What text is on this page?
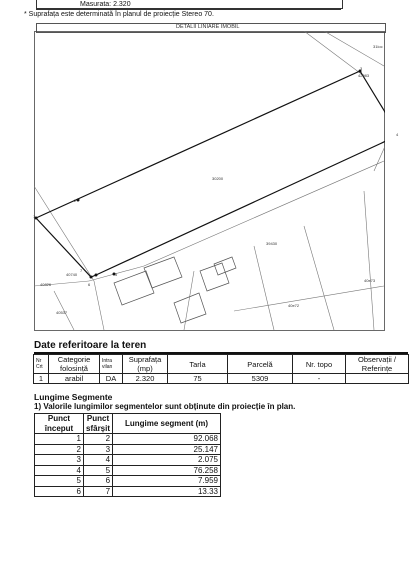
Masurata: 2.320
* Suprafața este determinată în planul de proiecție Stereo 70.
DETALII LINIARE IMOBIL
31loc
42083
30200
39430
40740
40826
40537
40e72
40e73
1
2
3
4
5
6
7
Date referitoare la teren
Nr Crt	Categorie folosință	Intra vilan	Suprafața (mp)	Tarla	Parcelă	Nr. topo	Observații / Referințe
1	arabil	DA	2.320	75	5309	-	
Lungime Segmente
1) Valorile lungimilor segmentelor sunt obținute din proiecție în plan.
Punct început	Punct sfârșit	Lungime segment (m)
1	2	92.068
2	3	25.147
3	4	2.075
4	5	76.258
5	6	7.959
6	7	13.33
